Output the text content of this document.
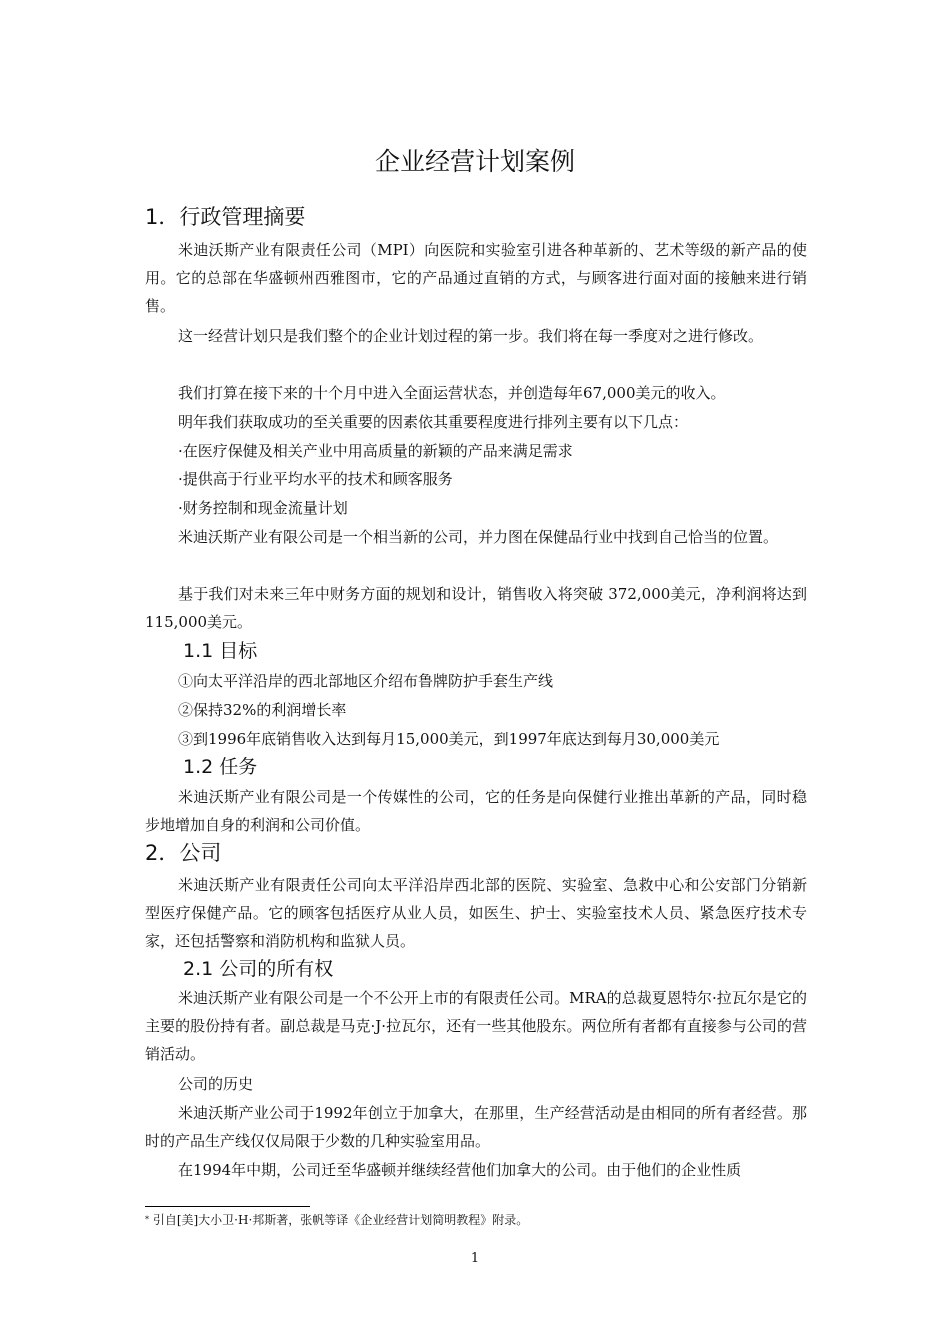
企业经营计划案例
1．行政管理摘要
米迪沃斯产业有限责任公司（MPI）向医院和实验室引进各种革新的、艺术等级的新产品的使用。它的总部在华盛顿州西雅图市，它的产品通过直销的方式，与顾客进行面对面的接触来进行销售。
这一经营计划只是我们整个的企业计划过程的第一步。我们将在每一季度对之进行修改。
我们打算在接下来的十个月中进入全面运营状态，并创造每年67,000美元的收入。
明年我们获取成功的至关重要的因素依其重要程度进行排列主要有以下几点：
·在医疗保健及相关产业中用高质量的新颖的产品来满足需求
·提供高于行业平均水平的技术和顾客服务
·财务控制和现金流量计划
米迪沃斯产业有限公司是一个相当新的公司，并力图在保健品行业中找到自己恰当的位置。
基于我们对未来三年中财务方面的规划和设计，销售收入将突破 372,000美元，净利润将达到115,000美元。
1.1 目标
①向太平洋沿岸的西北部地区介绍布鲁牌防护手套生产线
②保持32%的利润增长率
③到1996年底销售收入达到每月15,000美元，到1997年底达到每月30,000美元
1.2 任务
米迪沃斯产业有限公司是一个传媒性的公司，它的任务是向保健行业推出革新的产品，同时稳步地增加自身的利润和公司价值。
2．公司
米迪沃斯产业有限责任公司向太平洋沿岸西北部的医院、实验室、急救中心和公安部门分销新型医疗保健产品。它的顾客包括医疗从业人员，如医生、护士、实验室技术人员、紧急医疗技术专家，还包括警察和消防机构和监狱人员。
2.1 公司的所有权
米迪沃斯产业有限公司是一个不公开上市的有限责任公司。MRA的总裁夏恩特尔·拉瓦尔是它的主要的股份持有者。副总裁是马克·J·拉瓦尔，还有一些其他股东。两位所有者都有直接参与公司的营销活动。
公司的历史
米迪沃斯产业公司于1992年创立于加拿大，在那里，生产经营活动是由相同的所有者经营。那时的产品生产线仅仅局限于少数的几种实验室用品。
在1994年中期，公司迁至华盛顿并继续经营他们加拿大的公司。由于他们的企业性质
* 引自[美]大小卫·H·邦斯著，张帆等译《企业经营计划简明教程》附录。
1
